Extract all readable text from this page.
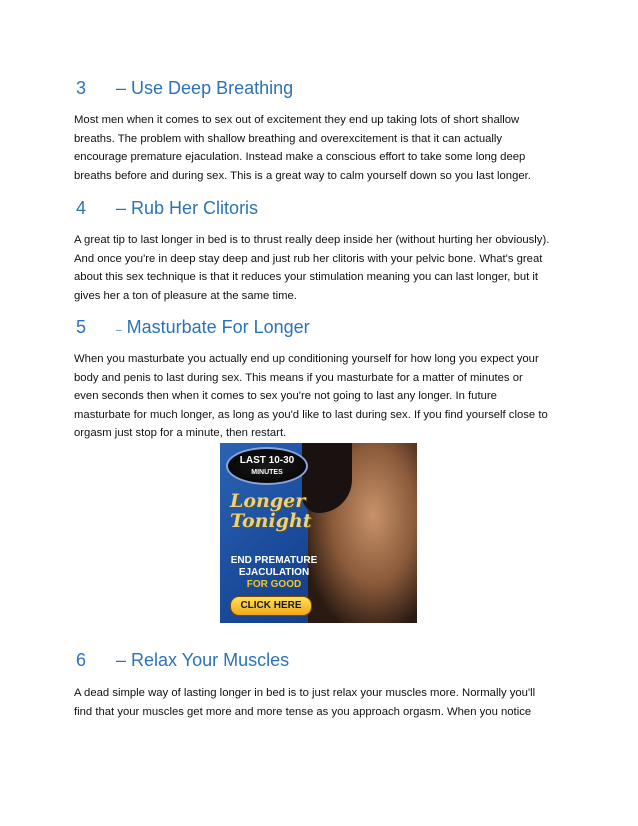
3 – Use Deep Breathing
Most men when it comes to sex out of excitement they end up taking lots of short shallow
breaths. The problem with shallow breathing and overexcitement is that it can actually
encourage premature ejaculation. Instead make a conscious effort to take some long deep
breaths before and during sex. This is a great way to calm yourself down so you last longer.
4 – Rub Her Clitoris
A great tip to last longer in bed is to thrust really deep inside her (without hurting her obviously).
And once you're in deep stay deep and just rub her clitoris with your pelvic bone. What's great
about this sex technique is that it reduces your stimulation meaning you can last longer, but it
gives her a ton of pleasure at the same time.
5	– Masturbate For Longer
When you masturbate you actually end up conditioning yourself for how long you expect your
body and penis to last during sex. This means if you masturbate for a matter of minutes or
even seconds then when it comes to sex you're not going to last any longer. In future
masturbate for much longer, as long as you'd like to last during sex. If you find yourself close to
orgasm just stop for a minute, then restart.
LAST 10-30
MINUTES
Longer
Tonight

END PREMATURE
EJACULATION

FOR GOOD

CLICK HERE
6 – Relax Your Muscles
A dead simple way of lasting longer in bed is to just relax your muscles more. Normally you'll
find that your muscles get more and more tense as you approach orgasm. When you notice
